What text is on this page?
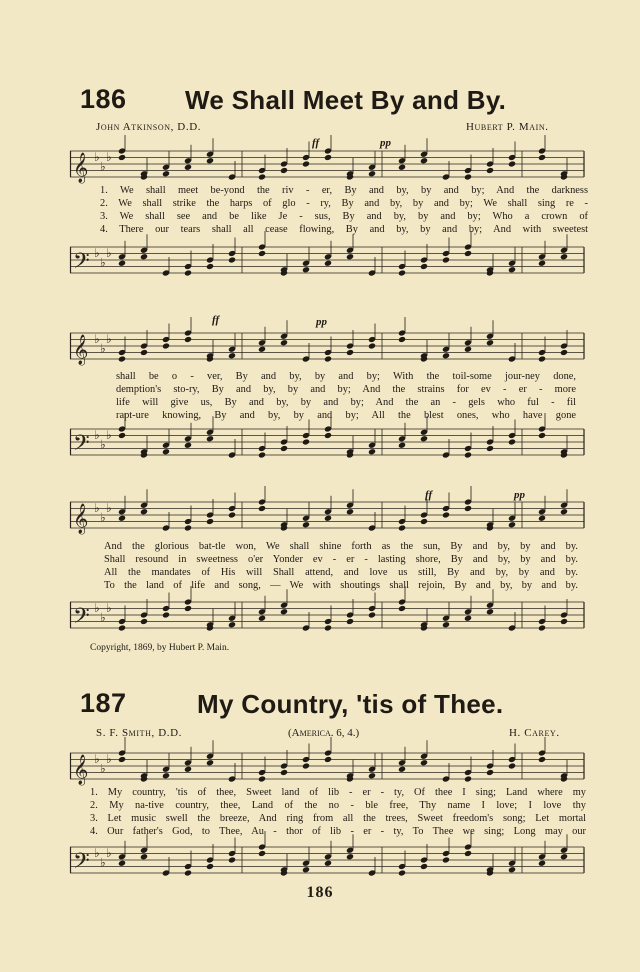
186 We Shall Meet By and By.
John Atkinson, D.D.	Hubert P. Main.
𝄞 ♭
♭
♭
1. We shall meet be-yond the riv - er, By and by, by and by; And the darkness
2. We shall strike the harps of glo - ry, By and by, by and by; We shall sing re -
3. We shall see and be like Je - sus, By and by, by and by; Who a crown of
4. There our tears shall all cease flowing, By and by, by and by; And with sweetest
𝄢 ♭
♭
♭
ff	pp
𝄞 ♭
♭
♭
shall be o - ver, By and by, by and by; With the toil-some jour-ney done,
demption's sto-ry, By and by, by and by; And the strains for ev - er - more
life will give us, By and by, by and by; And the an - gels who ful - fil
rapt-ure knowing, By and by, by and by; All the blest ones, who have gone
𝄢 ♭
♭
♭
ff	pp
𝄞 ♭
♭
♭
And the glorious bat-tle won, We shall shine forth as the sun, By and by, by and by.
Shall resound in sweetness o'er Yonder ev - er - lasting shore, By and by, by and by.
All the mandates of His will Shall attend, and love us still, By and by, by and by.
To the land of life and song, — We with shoutings shall rejoin, By and by, by and by.
𝄢 ♭
♭
♭
ff	pp
Copyright, 1869, by Hubert P. Main.
187	My Country, 'tis of Thee.
S. F. Smith, D.D.	(America. 6, 4.)	H. Carey.
𝄞 ♭
♭
♭
1. My country, 'tis of thee, Sweet land of lib - er - ty, Of thee I sing; Land where my
2. My na-tive country, thee, Land of the no - ble free, Thy name I love; I love thy
3. Let music swell the breeze, And ring from all the trees, Sweet freedom's song; Let mortal
4. Our father's God, to Thee, Au - thor of lib - er - ty, To Thee we sing; Long may our
𝄢 ♭
♭
♭
186
